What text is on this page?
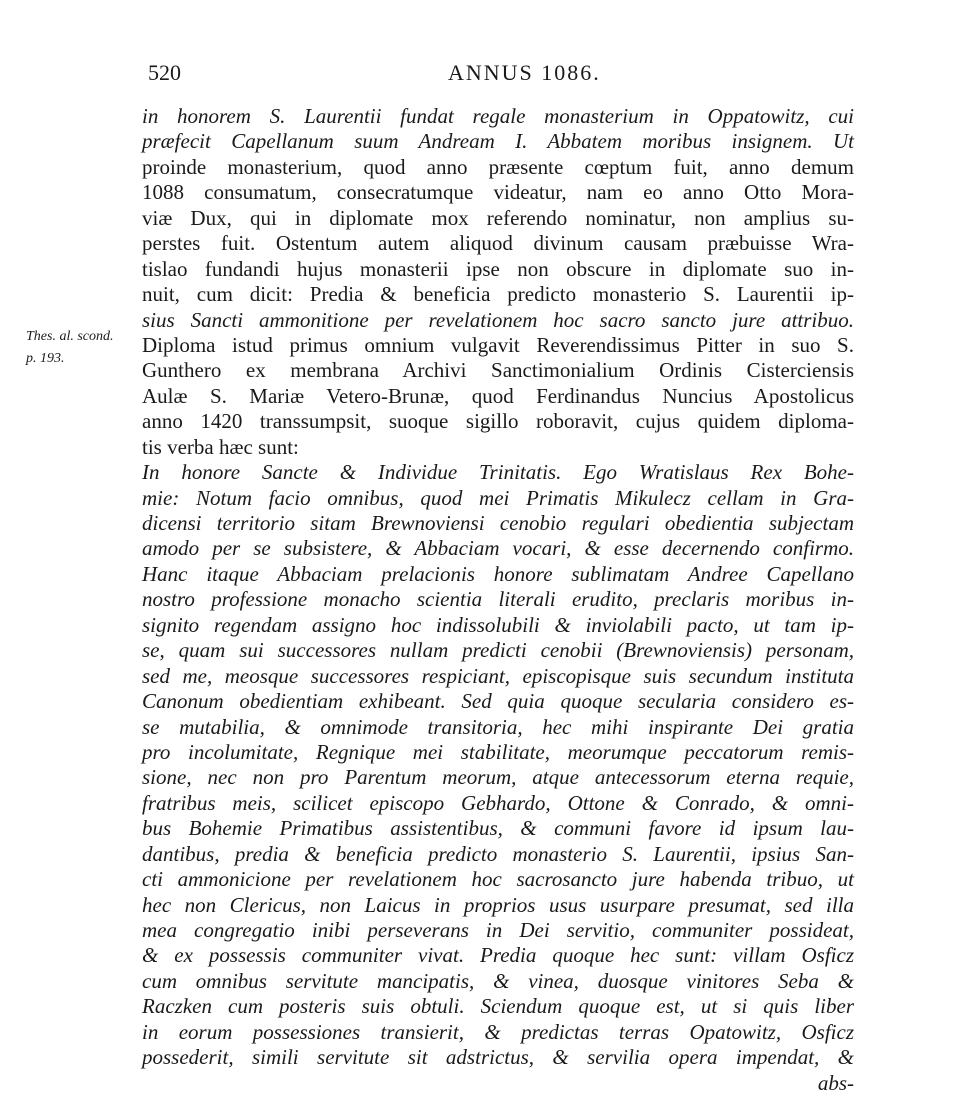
520	ANNUS 1086.
Thes. al. scond.
p. 193.
in honorem S. Laurentii fundat regale monasterium in Oppatowitz, cui
præfecit Capellanum suum Andream I. Abbatem moribus insignem. Ut
proinde monasterium, quod anno præsente cœptum fuit, anno demum
1088 consumatum, consecratumque videatur, nam eo anno Otto Mora-
viæ Dux, qui in diplomate mox referendo nominatur, non amplius su-
perstes fuit. Ostentum autem aliquod divinum causam præbuisse Wra-
tislao fundandi hujus monasterii ipse non obscure in diplomate suo in-
nuit, cum dicit: Predia & beneficia predicto monasterio S. Laurentii ip-
sius Sancti ammonitione per revelationem hoc sacro sancto jure attribuo.
Diploma istud primus omnium vulgavit Reverendissimus Pitter in suo S.
Gunthero ex membrana Archivi Sanctimonialium Ordinis Cisterciensis
Aulæ S. Mariæ Vetero-Brunæ, quod Ferdinandus Nuncius Apostolicus
anno 1420 transsumpsit, suoque sigillo roboravit, cujus quidem diploma-
tis verba hæc sunt:
In honore Sancte & Individue Trinitatis. Ego Wratislaus Rex Bohe-
mie: Notum facio omnibus, quod mei Primatis Mikulecz cellam in Gra-
dicensi territorio sitam Brewnoviensi cenobio regulari obedientia subjectam
amodo per se subsistere, & Abbaciam vocari, & esse decernendo confirmo.
Hanc itaque Abbaciam prelacionis honore sublimatam Andree Capellano
nostro professione monacho scientia literali erudito, preclaris moribus in-
signito regendam assigno hoc indissolubili & inviolabili pacto, ut tam ip-
se, quam sui successores nullam predicti cenobii (Brewnoviensis) personam,
sed me, meosque successores respiciant, episcopisque suis secundum instituta
Canonum obedientiam exhibeant. Sed quia quoque secularia considero es-
se mutabilia, & omnimode transitoria, hec mihi inspirante Dei gratia
pro incolumitate, Regnique mei stabilitate, meorumque peccatorum remis-
sione, nec non pro Parentum meorum, atque antecessorum eterna requie,
fratribus meis, scilicet episcopo Gebhardo, Ottone & Conrado, & omni-
bus Bohemie Primatibus assistentibus, & communi favore id ipsum lau-
dantibus, predia & beneficia predicto monasterio S. Laurentii, ipsius San-
cti ammonicione per revelationem hoc sacrosancto jure habenda tribuo, ut
hec non Clericus, non Laicus in proprios usus usurpare presumat, sed illa
mea congregatio inibi perseverans in Dei servitio, communiter possideat,
& ex possessis communiter vivat. Predia quoque hec sunt: villam Osficz
cum omnibus servitute mancipatis, & vinea, duosque vinitores Seba &
Raczken cum posteris suis obtuli. Sciendum quoque est, ut si quis liber
in eorum possessiones transierit, & predictas terras Opatowitz, Osficz
possederit, simili servitute sit adstrictus, & servilia opera impendat, &
abs-
